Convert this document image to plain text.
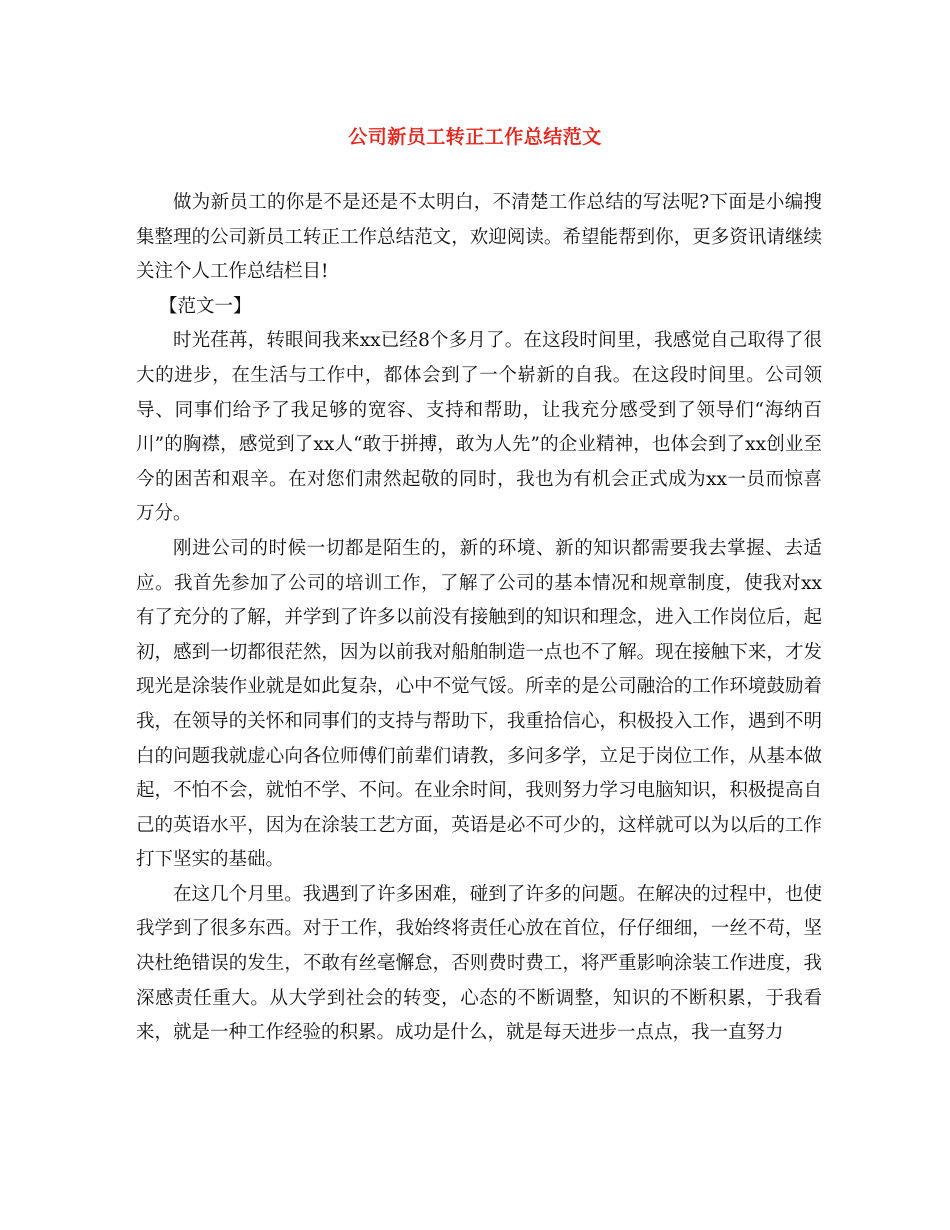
公司新员工转正工作总结范文

做为新员工的你是不是还是不太明白，不清楚工作总结的写法呢?下面是小编搜集整理的公司新员工转正工作总结范文，欢迎阅读。希望能帮到你，更多资讯请继续关注个人工作总结栏目!

【范文一】

时光荏苒，转眼间我来xx已经8个多月了。在这段时间里，我感觉自己取得了很大的进步，在生活与工作中，都体会到了一个崭新的自我。在这段时间里。公司领导、同事们给予了我足够的宽容、支持和帮助，让我充分感受到了领导们“海纳百川”的胸襟，感觉到了xx人“敢于拼搏，敢为人先”的企业精神，也体会到了xx创业至今的困苦和艰辛。在对您们肃然起敬的同时，我也为有机会正式成为xx一员而惊喜万分。

刚进公司的时候一切都是陌生的，新的环境、新的知识都需要我去掌握、去适应。我首先参加了公司的培训工作，了解了公司的基本情况和规章制度，使我对xx有了充分的了解，并学到了许多以前没有接触到的知识和理念，进入工作岗位后，起初，感到一切都很茫然，因为以前我对船舶制造一点也不了解。现在接触下来，才发现光是涂装作业就是如此复杂，心中不觉气馁。所幸的是公司融洽的工作环境鼓励着我，在领导的关怀和同事们的支持与帮助下，我重拾信心，积极投入工作，遇到不明白的问题我就虚心向各位师傅们前辈们请教，多问多学，立足于岗位工作，从基本做起，不怕不会，就怕不学、不问。在业余时间，我则努力学习电脑知识，积极提高自己的英语水平，因为在涂装工艺方面，英语是必不可少的，这样就可以为以后的工作打下坚实的基础。

在这几个月里。我遇到了许多困难，碰到了许多的问题。在解决的过程中，也使我学到了很多东西。对于工作，我始终将责任心放在首位，仔仔细细，一丝不苟，坚决杜绝错误的发生，不敢有丝毫懈怠，否则费时费工，将严重影响涂装工作进度，我深感责任重大。从大学到社会的转变，心态的不断调整，知识的不断积累，于我看来，就是一种工作经验的积累。成功是什么，就是每天进步一点点，我一直努力
